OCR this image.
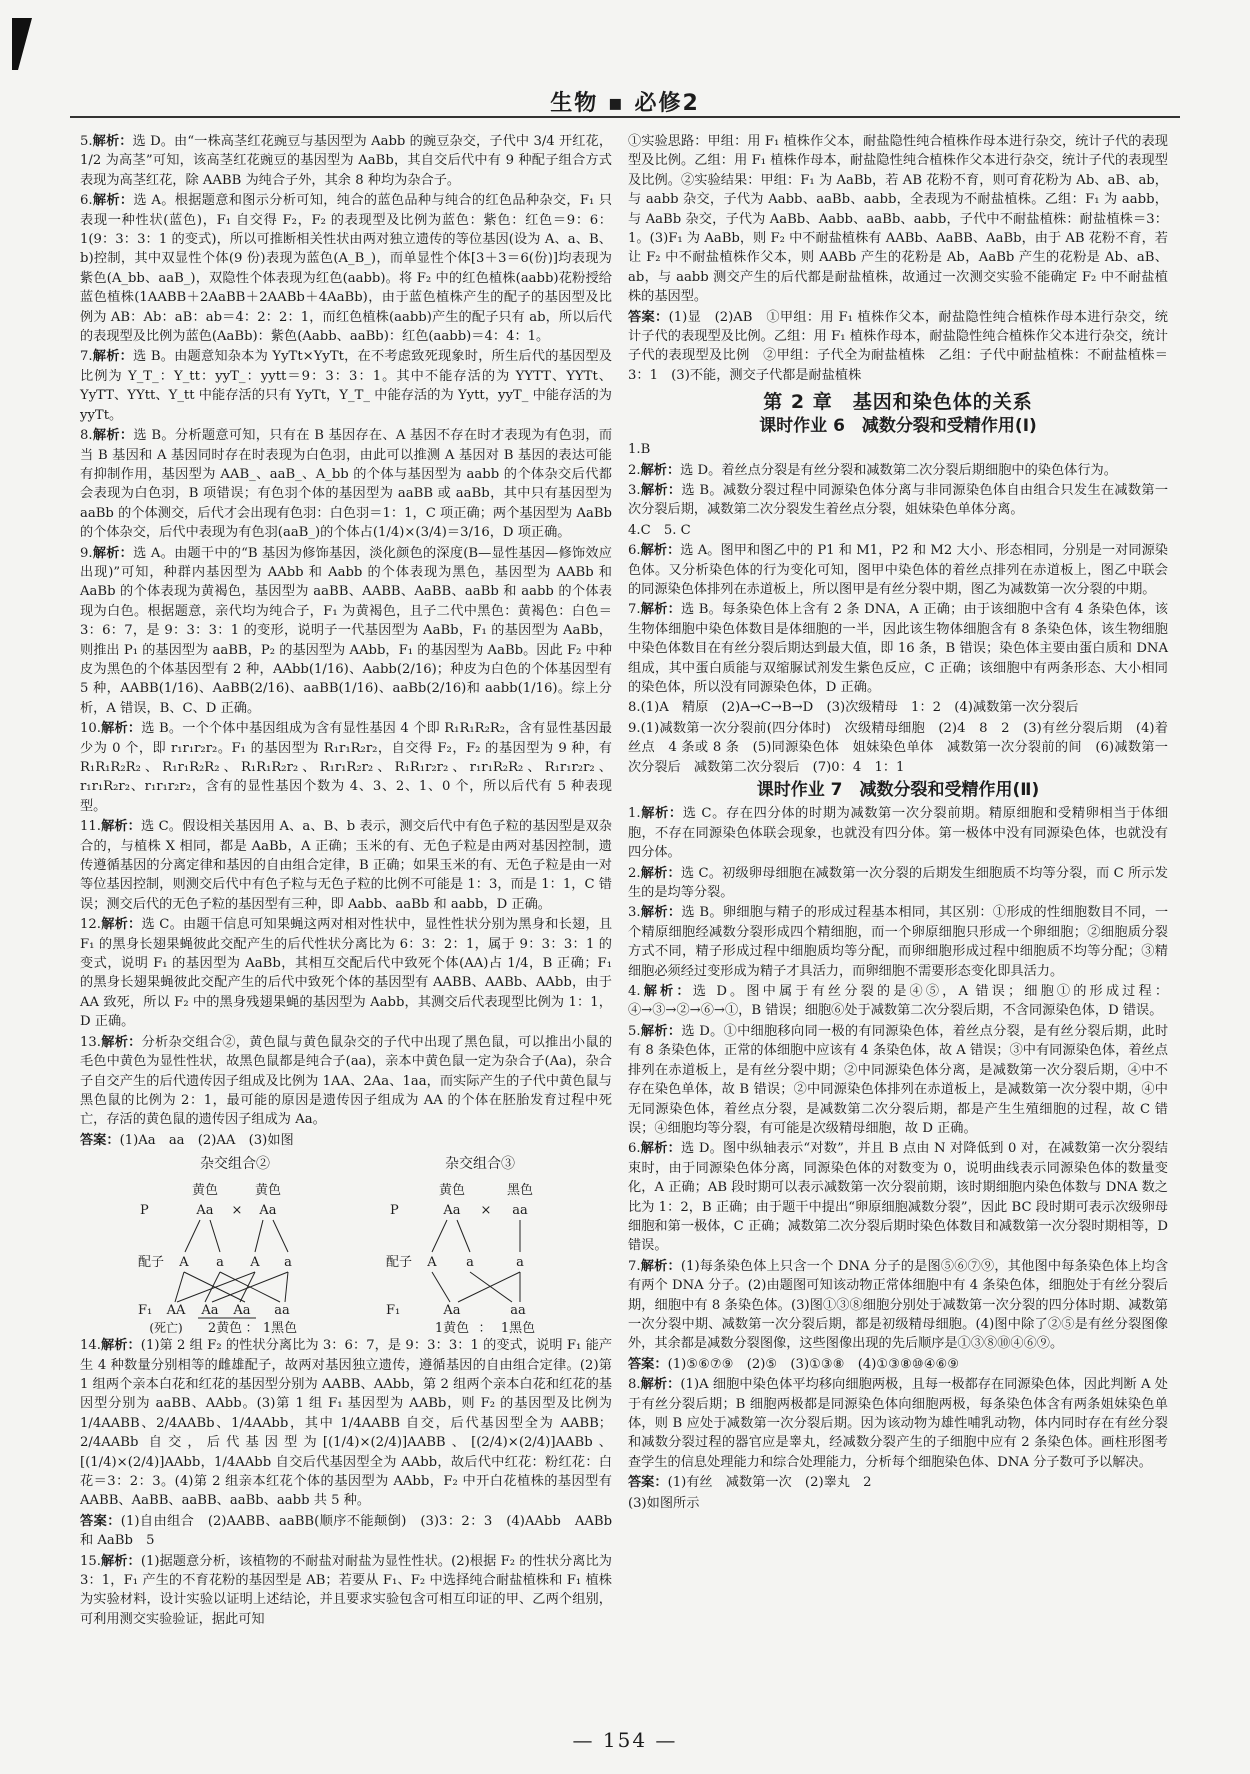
生物 ▪ 必修2

5.解析：选 D。由“一株高茎红花豌豆与基因型为 Aabb 的豌豆杂交，子代中 3/4 开红花，1/2 为高茎”可知，该高茎红花豌豆的基因型为 AaBb，其自交后代中有 9 种配子组合方式表现为高茎红花，除 AABB 为纯合子外，其余 8 种均为杂合子。

6.解析：选 A。根据题意和图示分析可知，纯合的蓝色品种与纯合的红色品种杂交，F₁ 只表现一种性状(蓝色)，F₁ 自交得 F₂，F₂ 的表现型及比例为蓝色：紫色：红色＝9：6：1(9：3：3：1 的变式)，所以可推断相关性状由两对独立遗传的等位基因(设为 A、a、B、b)控制，其中双显性个体(9 份)表现为蓝色(A_B_)，而单显性个体[3＋3＝6(份)]均表现为紫色(A_bb、aaB_)，双隐性个体表现为红色(aabb)。将 F₂ 中的红色植株(aabb)花粉授给蓝色植株(1AABB＋2AaBB＋2AABb＋4AaBb)，由于蓝色植株产生的配子的基因型及比例为 AB：Ab：aB：ab＝4：2：2：1，而红色植株(aabb)产生的配子只有 ab，所以后代的表现型及比例为蓝色(AaBb)：紫色(Aabb、aaBb)：红色(aabb)＝4：4：1。

7.解析：选 B。由题意知杂本为 YyTt×YyTt，在不考虑致死现象时，所生后代的基因型及比例为 Y_T_：Y_tt：yyT_：yytt＝9：3：3：1。其中不能存活的为 YYTT、YYTt、YyTT、YYtt、Y_tt 中能存活的只有 YyTt，Y_T_ 中能存活的为 Yytt，yyT_ 中能存活的为 yyTt。

8.解析：选 B。分析题意可知，只有在 B 基因存在、A 基因不存在时才表现为有色羽，而当 B 基因和 A 基因同时存在时表现为白色羽，由此可以推测 A 基因对 B 基因的表达可能有抑制作用，基因型为 AAB_、aaB_、A_bb 的个体与基因型为 aabb 的个体杂交后代都会表现为白色羽，B 项错误；有色羽个体的基因型为 aaBB 或 aaBb，其中只有基因型为 aaBb 的个体测交，后代才会出现有色羽：白色羽＝1：1，C 项正确；两个基因型为 AaBb 的个体杂交，后代中表现为有色羽(aaB_)的个体占(1/4)×(3/4)＝3/16，D 项正确。

9.解析：选 A。由题干中的“B 基因为修饰基因，淡化颜色的深度(B—显性基因—修饰效应出现)”可知，种群内基因型为 AAbb 和 Aabb 的个体表现为黑色，基因型为 AABb 和 AaBb 的个体表现为黄褐色，基因型为 aaBB、AABB、AaBB、aaBb 和 aabb 的个体表现为白色。根据题意，亲代均为纯合子，F₁ 为黄褐色，且子二代中黑色：黄褐色：白色＝3：6：7，是 9：3：3：1 的变形，说明子一代基因型为 AaBb，F₁ 的基因型为 AaBb，则推出 P₁ 的基因型为 aaBB，P₂ 的基因型为 AAbb，F₁ 的基因型为 AaBb。因此 F₂ 中种皮为黑色的个体基因型有 2 种，AAbb(1/16)、Aabb(2/16)；种皮为白色的个体基因型有 5 种，AABB(1/16)、AaBB(2/16)、aaBB(1/16)、aaBb(2/16)和 aabb(1/16)。综上分析，A 错误，B、C、D 正确。

10.解析：选 B。一个个体中基因组成为含有显性基因 4 个即 R₁R₁R₂R₂，含有显性基因最少为 0 个，即 r₁r₁r₂r₂。F₁ 的基因型为 R₁r₁R₂r₂，自交得 F₂，F₂ 的基因型为 9 种，有 R₁R₁R₂R₂、R₁r₁R₂R₂、R₁R₁R₂r₂、R₁r₁R₂r₂、R₁R₁r₂r₂、r₁r₁R₂R₂、R₁r₁r₂r₂、r₁r₁R₂r₂、r₁r₁r₂r₂，含有的显性基因个数为 4、3、2、1、0 个，所以后代有 5 种表现型。

11.解析：选 C。假设相关基因用 A、a、B、b 表示，测交后代中有色子粒的基因型是双杂合的，与植株 X 相同，都是 AaBb，A 正确；玉米的有、无色子粒是由两对基因控制，遗传遵循基因的分离定律和基因的自由组合定律，B 正确；如果玉米的有、无色子粒是由一对等位基因控制，则测交后代中有色子粒与无色子粒的比例不可能是 1：3，而是 1：1，C 错误；测交后代的无色子粒的基因型有三种，即 Aabb、aaBb 和 aabb，D 正确。

12.解析：选 C。由题干信息可知果蝇这两对相对性状中，显性性状分别为黑身和长翅，且 F₁ 的黑身长翅果蝇彼此交配产生的后代性状分离比为 6：3：2：1，属于 9：3：3：1 的变式，说明 F₁ 的基因型为 AaBb，其相互交配后代中致死个体(AA)占 1/4，B 正确；F₁ 的黑身长翅果蝇彼此交配产生的后代中致死个体的基因型有 AABB、AABb、AAbb，由于 AA 致死，所以 F₂ 中的黑身残翅果蝇的基因型为 Aabb，其测交后代表现型比例为 1：1，D 正确。

13.解析：分析杂交组合②，黄色鼠与黄色鼠杂交的子代中出现了黑色鼠，可以推出小鼠的毛色中黄色为显性性状，故黑色鼠都是纯合子(aa)，亲本中黄色鼠一定为杂合子(Aa)，杂合子自交产生的后代遗传因子组成及比例为 1AA、2Aa、1aa，而实际产生的子代中黄色鼠与黑色鼠的比例为 2：1，最可能的原因是遗传因子组成为 AA 的个体在胚胎发育过程中死亡，存活的黄色鼠的遗传因子组成为 Aa。

答案：(1)Aa　aa　(2)AA　(3)如图

杂交组合②
黄色	黄色
P	Aa × Aa
配子 A a A a
F₁ AA Aa Aa aa
(死亡) 2黄色 ： 1黑色
杂交组合③
黄色	黑色
P	Aa × aa
配子 A a	a
F₁	Aa	aa
1黄色 ： 1黑色

14.解析：(1)第 2 组 F₂ 的性状分离比为 3：6：7，是 9：3：3：1 的变式，说明 F₁ 能产生 4 种数量分别相等的雌雄配子，故两对基因独立遗传，遵循基因的自由组合定律。(2)第 1 组两个亲本白花和红花的基因型分别为 AABB、AAbb，第 2 组两个亲本白花和红花的基因型分别为 aaBB、AAbb。(3)第 1 组 F₁ 基因型为 AABb，则 F₂ 的基因型及比例为 1/4AABB、2/4AABb、1/4AAbb，其中 1/4AABB 自交，后代基因型全为 AABB；2/4AABb 自交，后代基因型为[(1/4)×(2/4)]AABB、[(2/4)×(2/4)]AABb、[(1/4)×(2/4)]AAbb，1/4AAbb 自交后代基因型全为 AAbb，故后代中红花：粉红花：白花＝3：2：3。(4)第 2 组亲本红花个体的基因型为 AAbb，F₂ 中开白花植株的基因型有 AABB、AaBB、aaBB、aaBb、aabb 共 5 种。

答案：(1)自由组合　(2)AABB、aaBB(顺序不能颠倒)　(3)3：2：3　(4)AAbb　AABb 和 AaBb　5

15.解析：(1)据题意分析，该植物的不耐盐对耐盐为显性性状。(2)根据 F₂ 的性状分离比为 3：1，F₁ 产生的不育花粉的基因型是 AB；若要从 F₁、F₂ 中选择纯合耐盐植株和 F₁ 植株为实验材料，设计实验以证明上述结论，并且要求实验包含可相互印证的甲、乙两个组别，可利用测交实验验证，据此可知

①实验思路：甲组：用 F₁ 植株作父本，耐盐隐性纯合植株作母本进行杂交，统计子代的表现型及比例。乙组：用 F₁ 植株作母本，耐盐隐性纯合植株作父本进行杂交，统计子代的表现型及比例。②实验结果：甲组：F₁ 为 AaBb，若 AB 花粉不育，则可育花粉为 Ab、aB、ab，与 aabb 杂交，子代为 Aabb、aaBb、aabb，全表现为不耐盐植株。乙组：F₁ 为 aabb，与 AaBb 杂交，子代为 AaBb、Aabb、aaBb、aabb，子代中不耐盐植株：耐盐植株＝3：1。(3)F₁ 为 AaBb，则 F₂ 中不耐盐植株有 AABb、AaBB、AaBb，由于 AB 花粉不育，若让 F₂ 中不耐盐植株作父本，则 AABb 产生的花粉是 Ab，AaBb 产生的花粉是 Ab、aB、ab，与 aabb 测交产生的后代都是耐盐植株，故通过一次测交实验不能确定 F₂ 中不耐盐植株的基因型。

答案：(1)显　(2)AB　①甲组：用 F₁ 植株作父本，耐盐隐性纯合植株作母本进行杂交，统计子代的表现型及比例。乙组：用 F₁ 植株作母本，耐盐隐性纯合植株作父本进行杂交，统计子代的表现型及比例　②甲组：子代全为耐盐植株　乙组：子代中耐盐植株：不耐盐植株＝3：1　(3)不能，测交子代都是耐盐植株

第 2 章　基因和染色体的关系
课时作业 6　减数分裂和受精作用(Ⅰ)

1.B

2.解析：选 D。着丝点分裂是有丝分裂和减数第二次分裂后期细胞中的染色体行为。

3.解析：选 B。减数分裂过程中同源染色体分离与非同源染色体自由组合只发生在减数第一次分裂后期，减数第二次分裂发生着丝点分裂，姐妹染色单体分离。

4.C　5. C

6.解析：选 A。图甲和图乙中的 P1 和 M1，P2 和 M2 大小、形态相同，分别是一对同源染色体。又分析染色体的行为变化可知，图甲中染色体的着丝点排列在赤道板上，图乙中联会的同源染色体排列在赤道板上，所以图甲是有丝分裂中期，图乙为减数第一次分裂的中期。

7.解析：选 B。每条染色体上含有 2 条 DNA，A 正确；由于该细胞中含有 4 条染色体，该生物体细胞中染色体数目是体细胞的一半，因此该生物体细胞含有 8 条染色体，该生物细胞中染色体数目在有丝分裂后期达到最大值，即 16 条，B 错误；染色体主要由蛋白质和 DNA 组成，其中蛋白质能与双缩脲试剂发生紫色反应，C 正确；该细胞中有两条形态、大小相同的染色体，所以没有同源染色体，D 正确。

8.(1)A　精原　(2)A→C→B→D　(3)次级精母　1：2　(4)减数第一次分裂后

9.(1)减数第一次分裂前(四分体时)　次级精母细胞　(2)4　8　2　(3)有丝分裂后期　(4)着丝点　4 条或 8 条　(5)同源染色体　姐妹染色单体　减数第一次分裂前的间　(6)减数第一次分裂后　减数第二次分裂后　(7)0：4　1：1

课时作业 7　减数分裂和受精作用(Ⅱ)

1.解析：选 C。存在四分体的时期为减数第一次分裂前期。精原细胞和受精卵相当于体细胞，不存在同源染色体联会现象，也就没有四分体。第一极体中没有同源染色体，也就没有四分体。

2.解析：选 C。初级卵母细胞在减数第一次分裂的后期发生细胞质不均等分裂，而 C 所示发生的是均等分裂。

3.解析：选 B。卵细胞与精子的形成过程基本相同，其区别：①形成的性细胞数目不同，一个精原细胞经减数分裂形成四个精细胞，而一个卵原细胞只形成一个卵细胞；②细胞质分裂方式不同，精子形成过程中细胞质均等分配，而卵细胞形成过程中细胞质不均等分配；③精细胞必须经过变形成为精子才具活力，而卵细胞不需要形态变化即具活力。

4.解析：选 D。图中属于有丝分裂的是④⑤，A 错误；细胞①的形成过程：④→③→②→⑥→①，B 错误；细胞⑥处于减数第二次分裂后期，不含同源染色体，D 错误。

5.解析：选 D。①中细胞移向同一极的有同源染色体，着丝点分裂，是有丝分裂后期，此时有 8 条染色体，正常的体细胞中应该有 4 条染色体，故 A 错误；③中有同源染色体，着丝点排列在赤道板上，是有丝分裂中期；②中同源染色体分离，是减数第一次分裂后期，④中不存在染色单体，故 B 错误；②中同源染色体排列在赤道板上，是减数第一次分裂中期，④中无同源染色体，着丝点分裂，是减数第二次分裂后期，都是产生生殖细胞的过程，故 C 错误；④细胞均等分裂，有可能是次级精母细胞，故 D 正确。

6.解析：选 D。图中纵轴表示“对数”，并且 B 点由 N 对降低到 0 对，在减数第一次分裂结束时，由于同源染色体分离，同源染色体的对数变为 0，说明曲线表示同源染色体的数量变化，A 正确；AB 段时期可以表示减数第一次分裂前期，该时期细胞内染色体数与 DNA 数之比为 1：2，B 正确；由于题干中提出“卵原细胞减数分裂”，因此 BC 段时期可表示次级卵母细胞和第一极体，C 正确；减数第二次分裂后期时染色体数目和减数第一次分裂时期相等，D 错误。

7.解析：(1)每条染色体上只含一个 DNA 分子的是图⑤⑥⑦⑨，其他图中每条染色体上均含有两个 DNA 分子。(2)由题图可知该动物正常体细胞中有 4 条染色体，细胞处于有丝分裂后期，细胞中有 8 条染色体。(3)图①③⑧细胞分别处于减数第一次分裂的四分体时期、减数第一次分裂中期、减数第一次分裂后期，都是初级精母细胞。(4)图中除了②⑤是有丝分裂图像外，其余都是减数分裂图像，这些图像出现的先后顺序是①③⑧⑩④⑥⑨。

答案：(1)⑤⑥⑦⑨　(2)⑤　(3)①③⑧　(4)①③⑧⑩④⑥⑨

8.解析：(1)A 细胞中染色体平均移向细胞两极，且每一极都存在同源染色体，因此判断 A 处于有丝分裂后期；B 细胞两极都是同源染色体向细胞两极，每条染色体含有两条姐妹染色单体，则 B 应处于减数第一次分裂后期。因为该动物为雄性哺乳动物，体内同时存在有丝分裂和减数分裂过程的器官应是睾丸，经减数分裂产生的子细胞中应有 2 条染色体。画柱形图考查学生的信息处理能力和综合处理能力，分析每个细胞染色体、DNA 分子数可予以解决。

答案：(1)有丝　减数第一次　(2)睾丸　2

(3)如图所示

— 154 —
